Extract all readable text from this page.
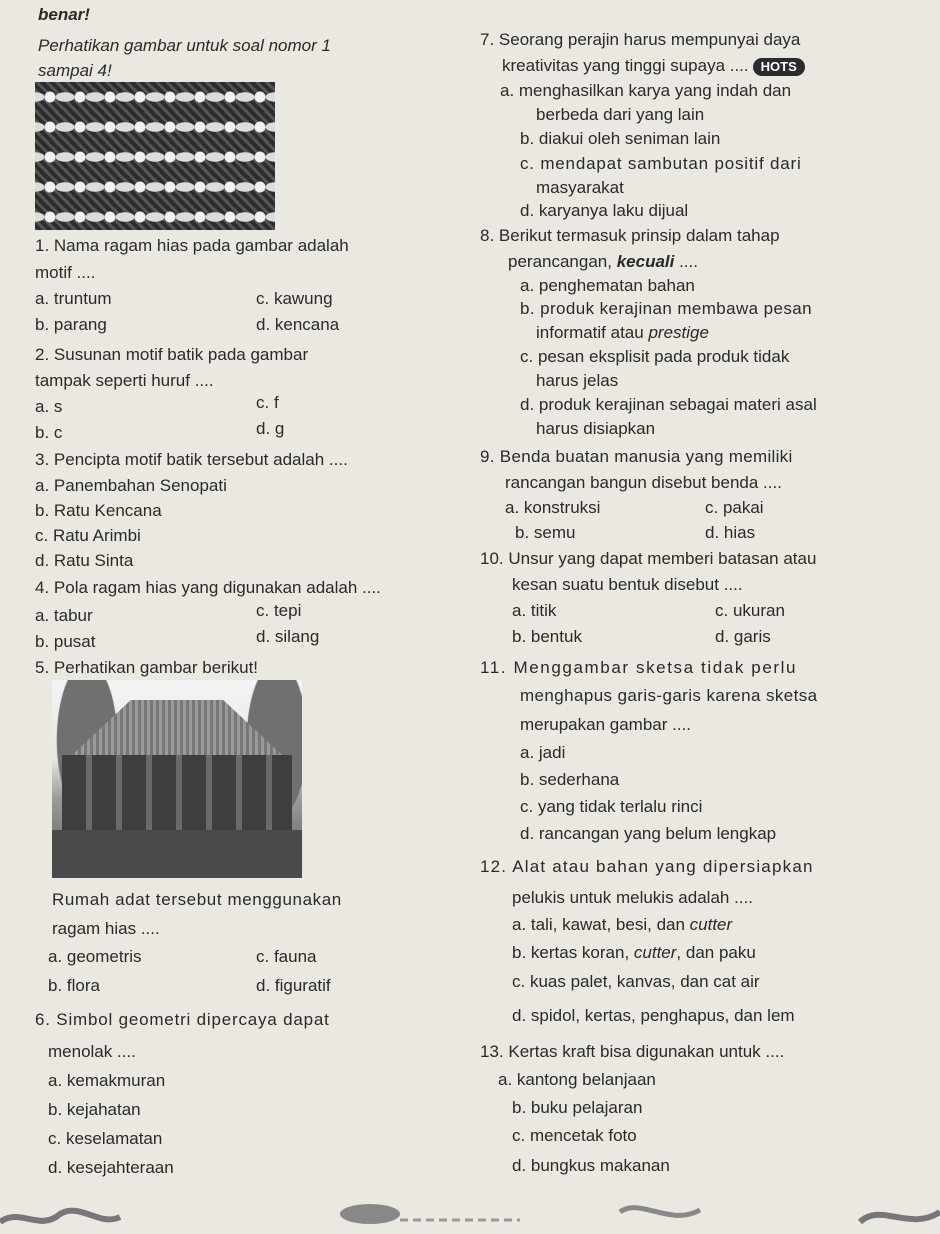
benar!
Perhatikan gambar untuk soal nomor 1
sampai 4!
1. Nama ragam hias pada gambar adalah
motif ....
a. truntum	c. kawung
b. parang	d. kencana
2. Susunan motif batik pada gambar
tampak seperti huruf ....
a. s	c. f
b. c	d. g
3. Pencipta motif batik tersebut adalah ....
a. Panembahan Senopati
b. Ratu Kencana
c. Ratu Arimbi
d. Ratu Sinta
4. Pola ragam hias yang digunakan adalah ....
a. tabur	c. tepi
b. pusat	d. silang
5. Perhatikan gambar berikut!
Rumah adat tersebut menggunakan
ragam hias ....
a. geometris	c. fauna
b. flora	d. figuratif
6. Simbol geometri dipercaya dapat
menolak ....
a. kemakmuran
b. kejahatan
c. keselamatan
d. kesejahteraan
7. Seorang perajin harus mempunyai daya
kreativitas yang tinggi supaya .... HOTS
a. menghasilkan karya yang indah dan
berbeda dari yang lain
b. diakui oleh seniman lain
c. mendapat sambutan positif dari
masyarakat
d. karyanya laku dijual
8. Berikut termasuk prinsip dalam tahap
perancangan, kecuali ....
a. penghematan bahan
b. produk kerajinan membawa pesan
informatif atau prestige
c. pesan eksplisit pada produk tidak
harus jelas
d. produk kerajinan sebagai materi asal
harus disiapkan
9. Benda buatan manusia yang memiliki
rancangan bangun disebut benda ....
a. konstruksi	c. pakai
b. semu	d. hias
10. Unsur yang dapat memberi batasan atau
kesan suatu bentuk disebut ....
a. titik	c. ukuran
b. bentuk	d. garis
11. Menggambar sketsa tidak perlu
menghapus garis-garis karena sketsa
merupakan gambar ....
a. jadi
b. sederhana
c. yang tidak terlalu rinci
d. rancangan yang belum lengkap
12. Alat atau bahan yang dipersiapkan
pelukis untuk melukis adalah ....
a. tali, kawat, besi, dan cutter
b. kertas koran, cutter, dan paku
c. kuas palet, kanvas, dan cat air
d. spidol, kertas, penghapus, dan lem
13. Kertas kraft bisa digunakan untuk ....
a. kantong belanjaan
b. buku pelajaran
c. mencetak foto
d. bungkus makanan
